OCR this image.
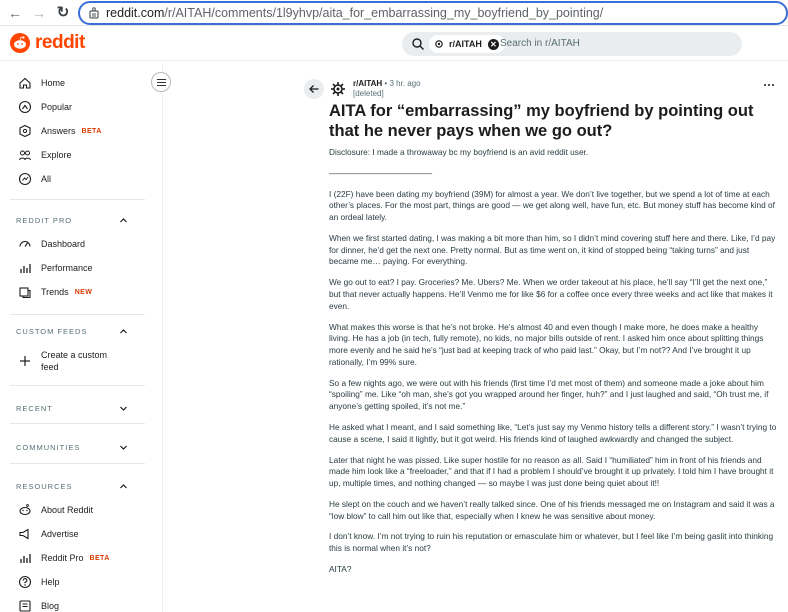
← → ↻	reddit.com/r/AITAH/comments/1l9yhvp/aita_for_embarrassing_my_boyfriend_by_pointing/
reddit	r/AITAH ✕ Search in r/AITAH
Home
Popular
Answers BETA
Explore
All
REDDIT PRO
Dashboard
Performance
Trends NEW
CUSTOM FEEDS
Create a custom
feed
RECENT
COMMUNITIES
RESOURCES
About Reddit
Advertise
Reddit Pro BETA
Help
Blog
r/AITAH • 3 hr. ago
[deleted]
AITA for “embarrassing” my boyfriend by pointing out that he never pays when we go out?

Disclosure: I made a throwaway bc my boyfriend is an avid reddit user.

——————————————

I (22F) have been dating my boyfriend (39M) for almost a year. We don’t live together, but we spend a lot of time at each other’s places. For the most part, things are good — we get along well, have fun, etc. But money stuff has become kind of an ordeal lately.

When we first started dating, I was making a bit more than him, so I didn’t mind covering stuff here and there. Like, I’d pay for dinner, he’d get the next one. Pretty normal. But as time went on, it kind of stopped being “taking turns” and just became me… paying. For everything.

We go out to eat? I pay. Groceries? Me. Ubers? Me. When we order takeout at his place, he’ll say “I’ll get the next one,” but that never actually happens. He’ll Venmo me for like $6 for a coffee once every three weeks and act like that makes it even.

What makes this worse is that he’s not broke. He’s almost 40 and even though I make more, he does make a healthy living. He has a job (in tech, fully remote), no kids, no major bills outside of rent. I asked him once about splitting things more evenly and he said he’s “just bad at keeping track of who paid last.” Okay, but I’m not?? And I’ve brought it up rationally, I’m 99% sure.

So a few nights ago, we were out with his friends (first time I’d met most of them) and someone made a joke about him “spoiling” me. Like “oh man, she’s got you wrapped around her finger, huh?” and I just laughed and said, “Oh trust me, if anyone’s getting spoiled, it’s not me.”

He asked what I meant, and I said something like, “Let’s just say my Venmo history tells a different story.” I wasn’t trying to cause a scene, I said it lightly, but it got weird. His friends kind of laughed awkwardly and changed the subject.

Later that night he was pissed. Like super hostile for no reason as all. Said I “humiliated” him in front of his friends and made him look like a “freeloader,” and that if I had a problem I should’ve brought it up privately. I told him I have brought it up, multiple times, and nothing changed — so maybe I was just done being quiet about it!!

He slept on the couch and we haven’t really talked since. One of his friends messaged me on Instagram and said it was a “low blow” to call him out like that, especially when I knew he was sensitive about money.

I don’t know. I’m not trying to ruin his reputation or emasculate him or whatever, but I feel like I’m being gaslit into thinking this is normal when it’s not?

AITA?
